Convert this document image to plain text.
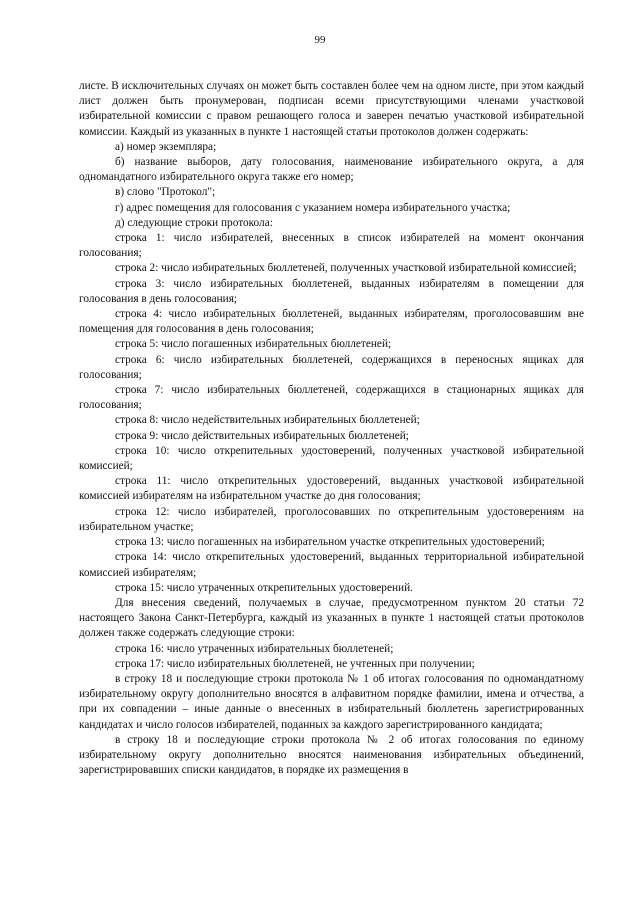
99

листе. В исключительных случаях он может быть составлен более чем на одном листе, при этом каждый лист должен быть пронумерован, подписан всеми присутствующими членами участковой избирательной комиссии с правом решающего голоса и заверен печатью участковой избирательной комиссии. Каждый из указанных в пункте 1 настоящей статьи протоколов должен содержать:

а) номер экземпляра;

б) название выборов, дату голосования, наименование избирательного округа, а для одномандатного избирательного округа также его номер;

в) слово "Протокол";

г) адрес помещения для голосования с указанием номера избирательного участка;

д) следующие строки протокола:

строка 1: число избирателей, внесенных в список избирателей на момент окончания голосования;

строка 2: число избирательных бюллетеней, полученных участковой избирательной комиссией;

строка 3: число избирательных бюллетеней, выданных избирателям в помещении для голосования в день голосования;

строка 4: число избирательных бюллетеней, выданных избирателям, проголосовавшим вне помещения для голосования в день голосования;

строка 5: число погашенных избирательных бюллетеней;

строка 6: число избирательных бюллетеней, содержащихся в переносных ящиках для голосования;

строка 7: число избирательных бюллетеней, содержащихся в стационарных ящиках для голосования;

строка 8: число недействительных избирательных бюллетеней;

строка 9: число действительных избирательных бюллетеней;

строка 10: число открепительных удостоверений, полученных участковой избирательной комиссией;

строка 11: число открепительных удостоверений, выданных участковой избирательной комиссией избирателям на избирательном участке до дня голосования;

строка 12: число избирателей, проголосовавших по открепительным удостоверениям на избирательном участке;

строка 13: число погашенных на избирательном участке открепительных удостоверений;

строка 14: число открепительных удостоверений, выданных территориальной избирательной комиссией избирателям;

строка 15: число утраченных открепительных удостоверений.

Для внесения сведений, получаемых в случае, предусмотренном пунктом 20 статьи 72 настоящего Закона Санкт-Петербурга, каждый из указанных в пункте 1 настоящей статьи протоколов должен также содержать следующие строки:

строка 16: число утраченных избирательных бюллетеней;

строка 17: число избирательных бюллетеней, не учтенных при получении;

в строку 18 и последующие строки протокола № 1 об итогах голосования по одномандатному избирательному округу дополнительно вносятся в алфавитном порядке фамилии, имена и отчества, а при их совпадении – иные данные о внесенных в избирательный бюллетень зарегистрированных кандидатах и число голосов избирателей, поданных за каждого зарегистрированного кандидата;

в строку 18 и последующие строки протокола № 2 об итогах голосования по единому избирательному округу дополнительно вносятся наименования избирательных объединений, зарегистрировавших списки кандидатов, в порядке их размещения в
